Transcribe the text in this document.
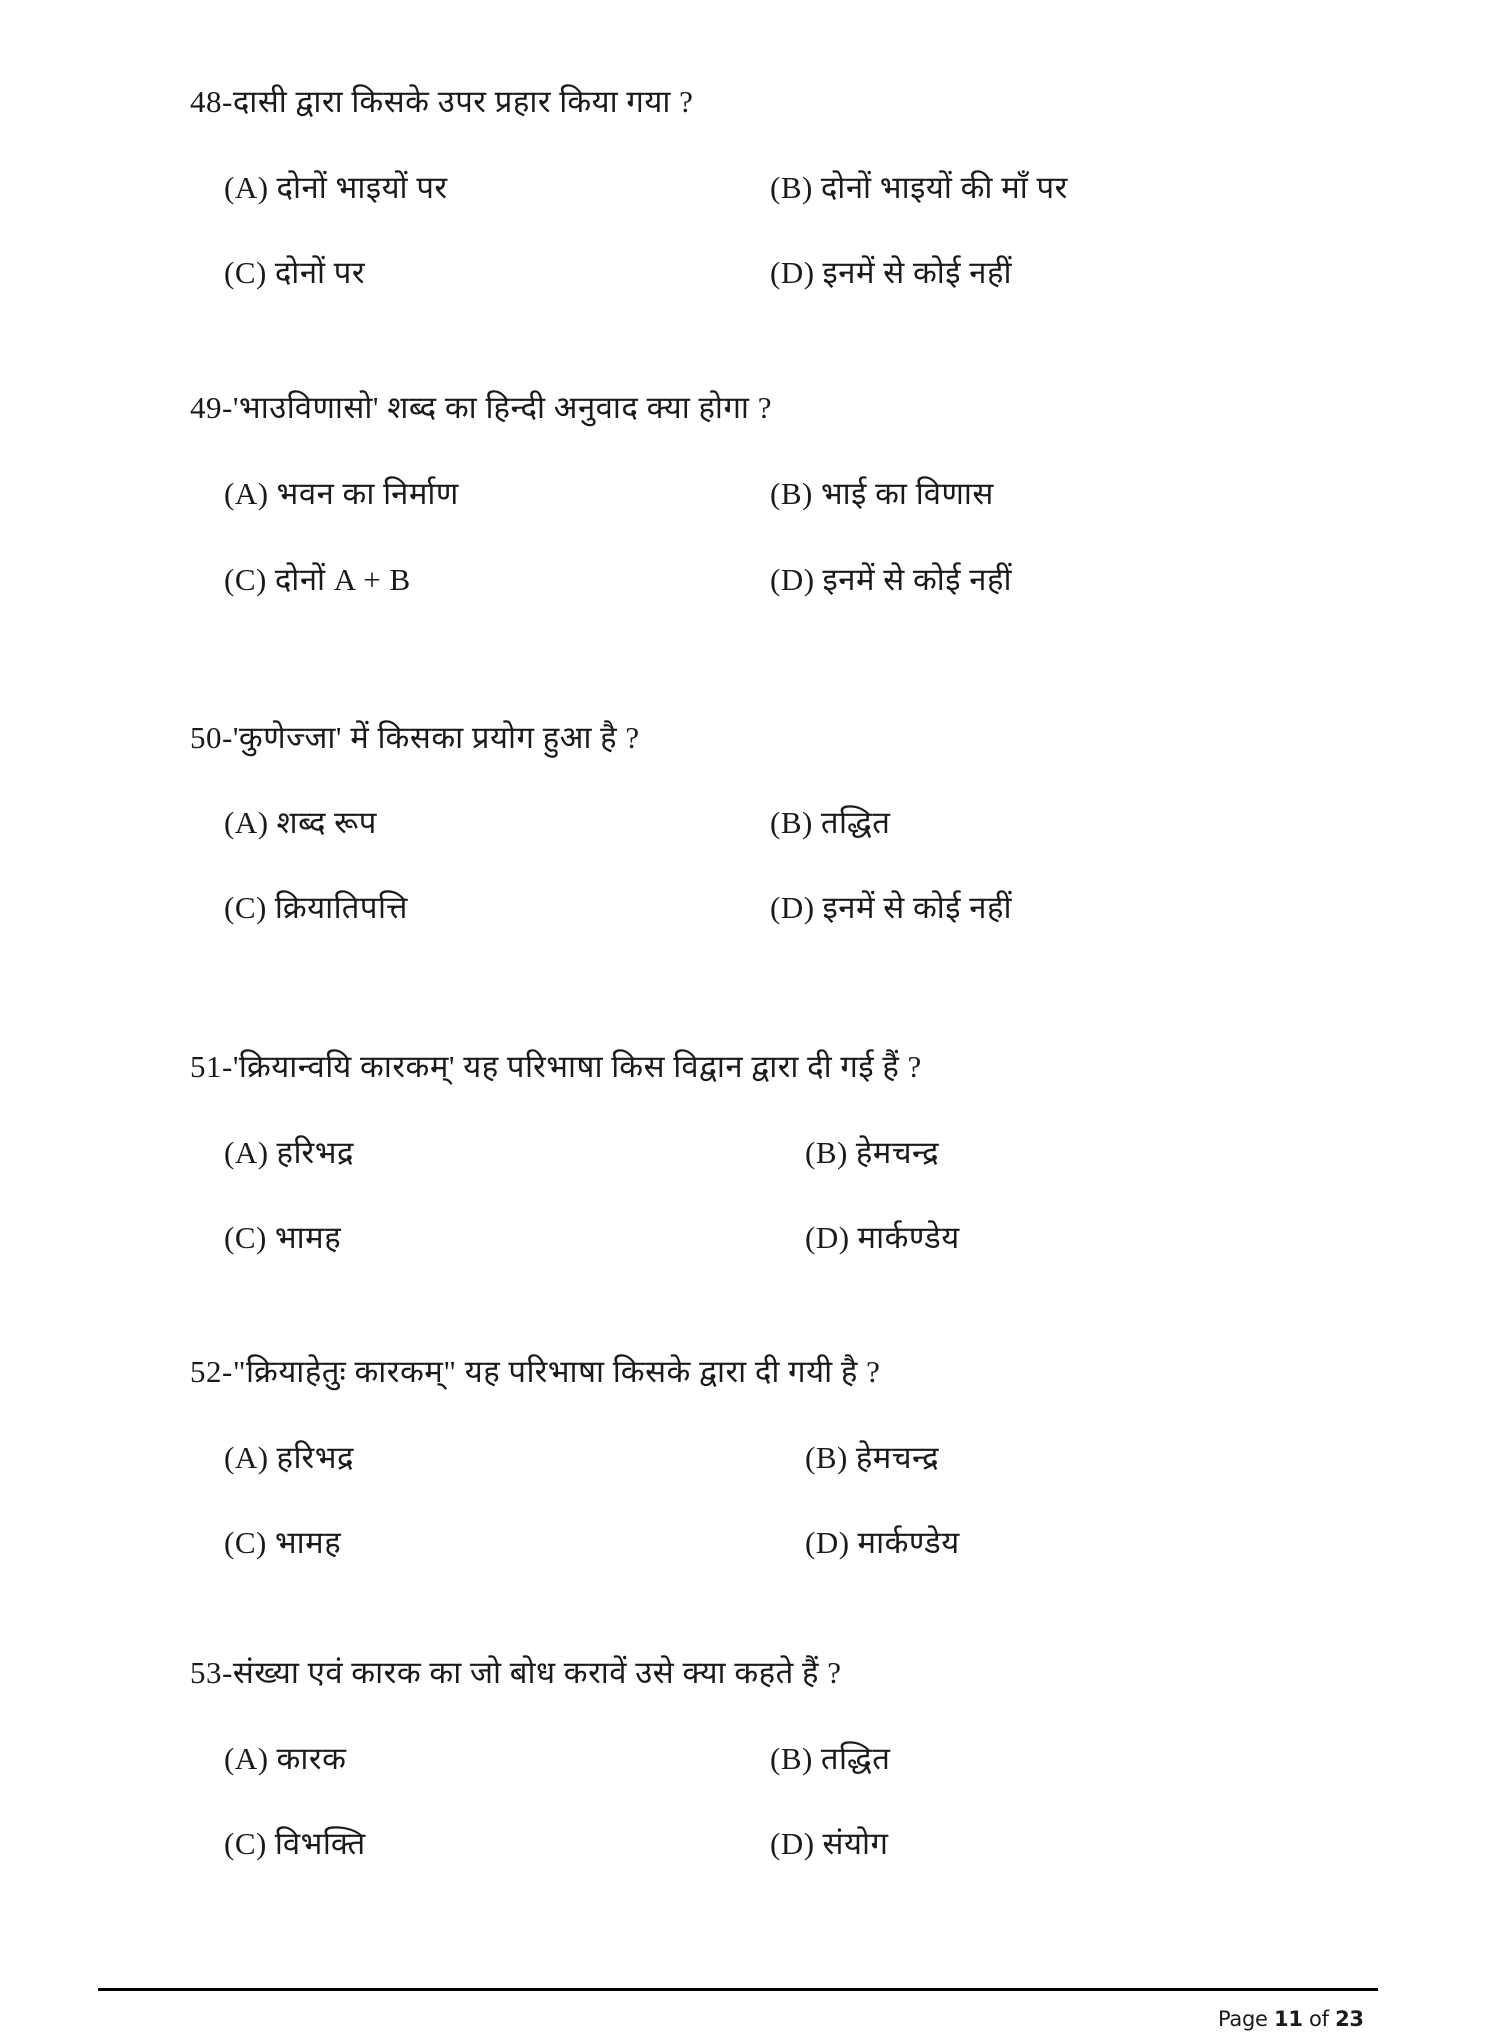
48-दासी द्वारा किसके उपर प्रहार किया गया ?
(A) दोनों भाइयों पर	(B) दोनों भाइयों की माँ पर
(C) दोनों पर	(D) इनमें से कोई नहीं
49-'भाउविणासो' शब्द का हिन्दी अनुवाद क्या होगा ?
(A) भवन का निर्माण	(B) भाई का विणास
(C) दोनों A + B	(D) इनमें से कोई नहीं
50-'कुणेज्जा' में किसका प्रयोग हुआ है ?
(A) शब्द रूप	(B) तद्धित
(C) क्रियातिपत्ति	(D) इनमें से कोई नहीं
51-'क्रियान्वयि कारकम्' यह परिभाषा किस विद्वान द्वारा दी गई हैं ?
(A) हरिभद्र	(B) हेमचन्द्र
(C) भामह	(D) मार्कण्डेय
52-"क्रियाहेतुः कारकम्" यह परिभाषा किसके द्वारा दी गयी है ?
(A) हरिभद्र	(B) हेमचन्द्र
(C) भामह	(D) मार्कण्डेय
53-संख्या एवं कारक का जो बोध करावें उसे क्या कहते हैं ?
(A) कारक	(B) तद्धित
(C) विभक्ति	(D) संयोग
Page 11 of 23
